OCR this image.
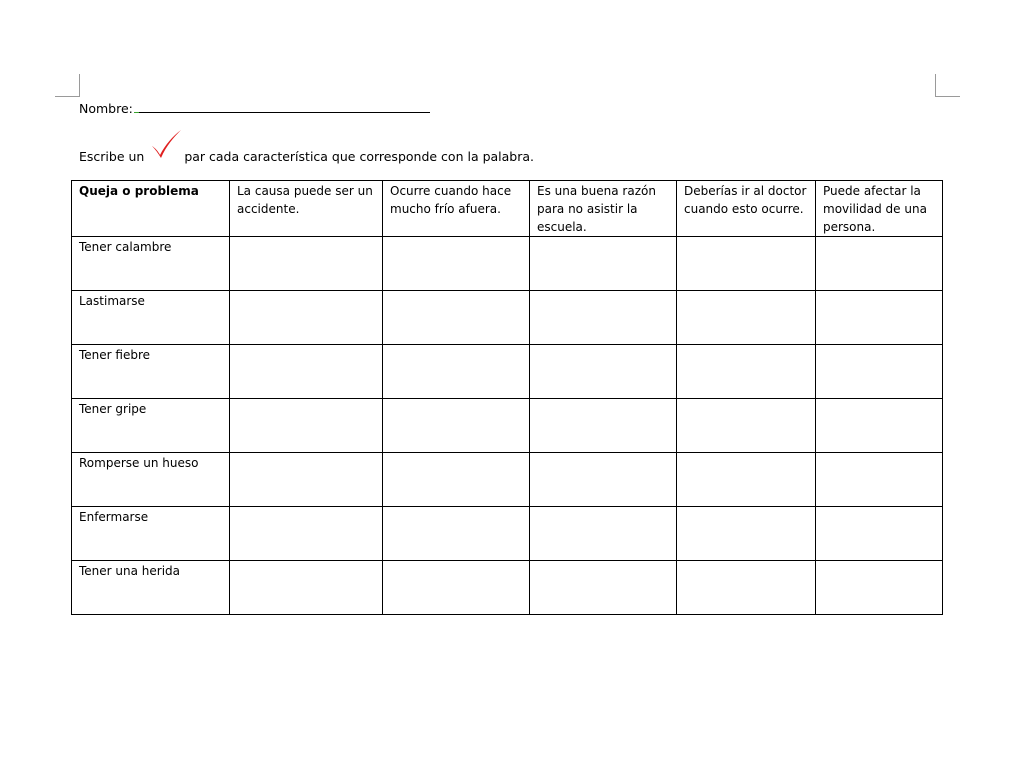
Nombre:
Escribe un	par cada característica que corresponde con la palabra.
Queja o problema	La causa puede ser un accidente.	Ocurre cuando hace mucho frío afuera.	Es una buena razón para no asistir la escuela.	Deberías ir al doctor cuando esto ocurre.	Puede afectar la movilidad de una persona.
Tener calambre					
Lastimarse					
Tener fiebre					
Tener gripe					
Romperse un hueso					
Enfermarse					
Tener una herida					
